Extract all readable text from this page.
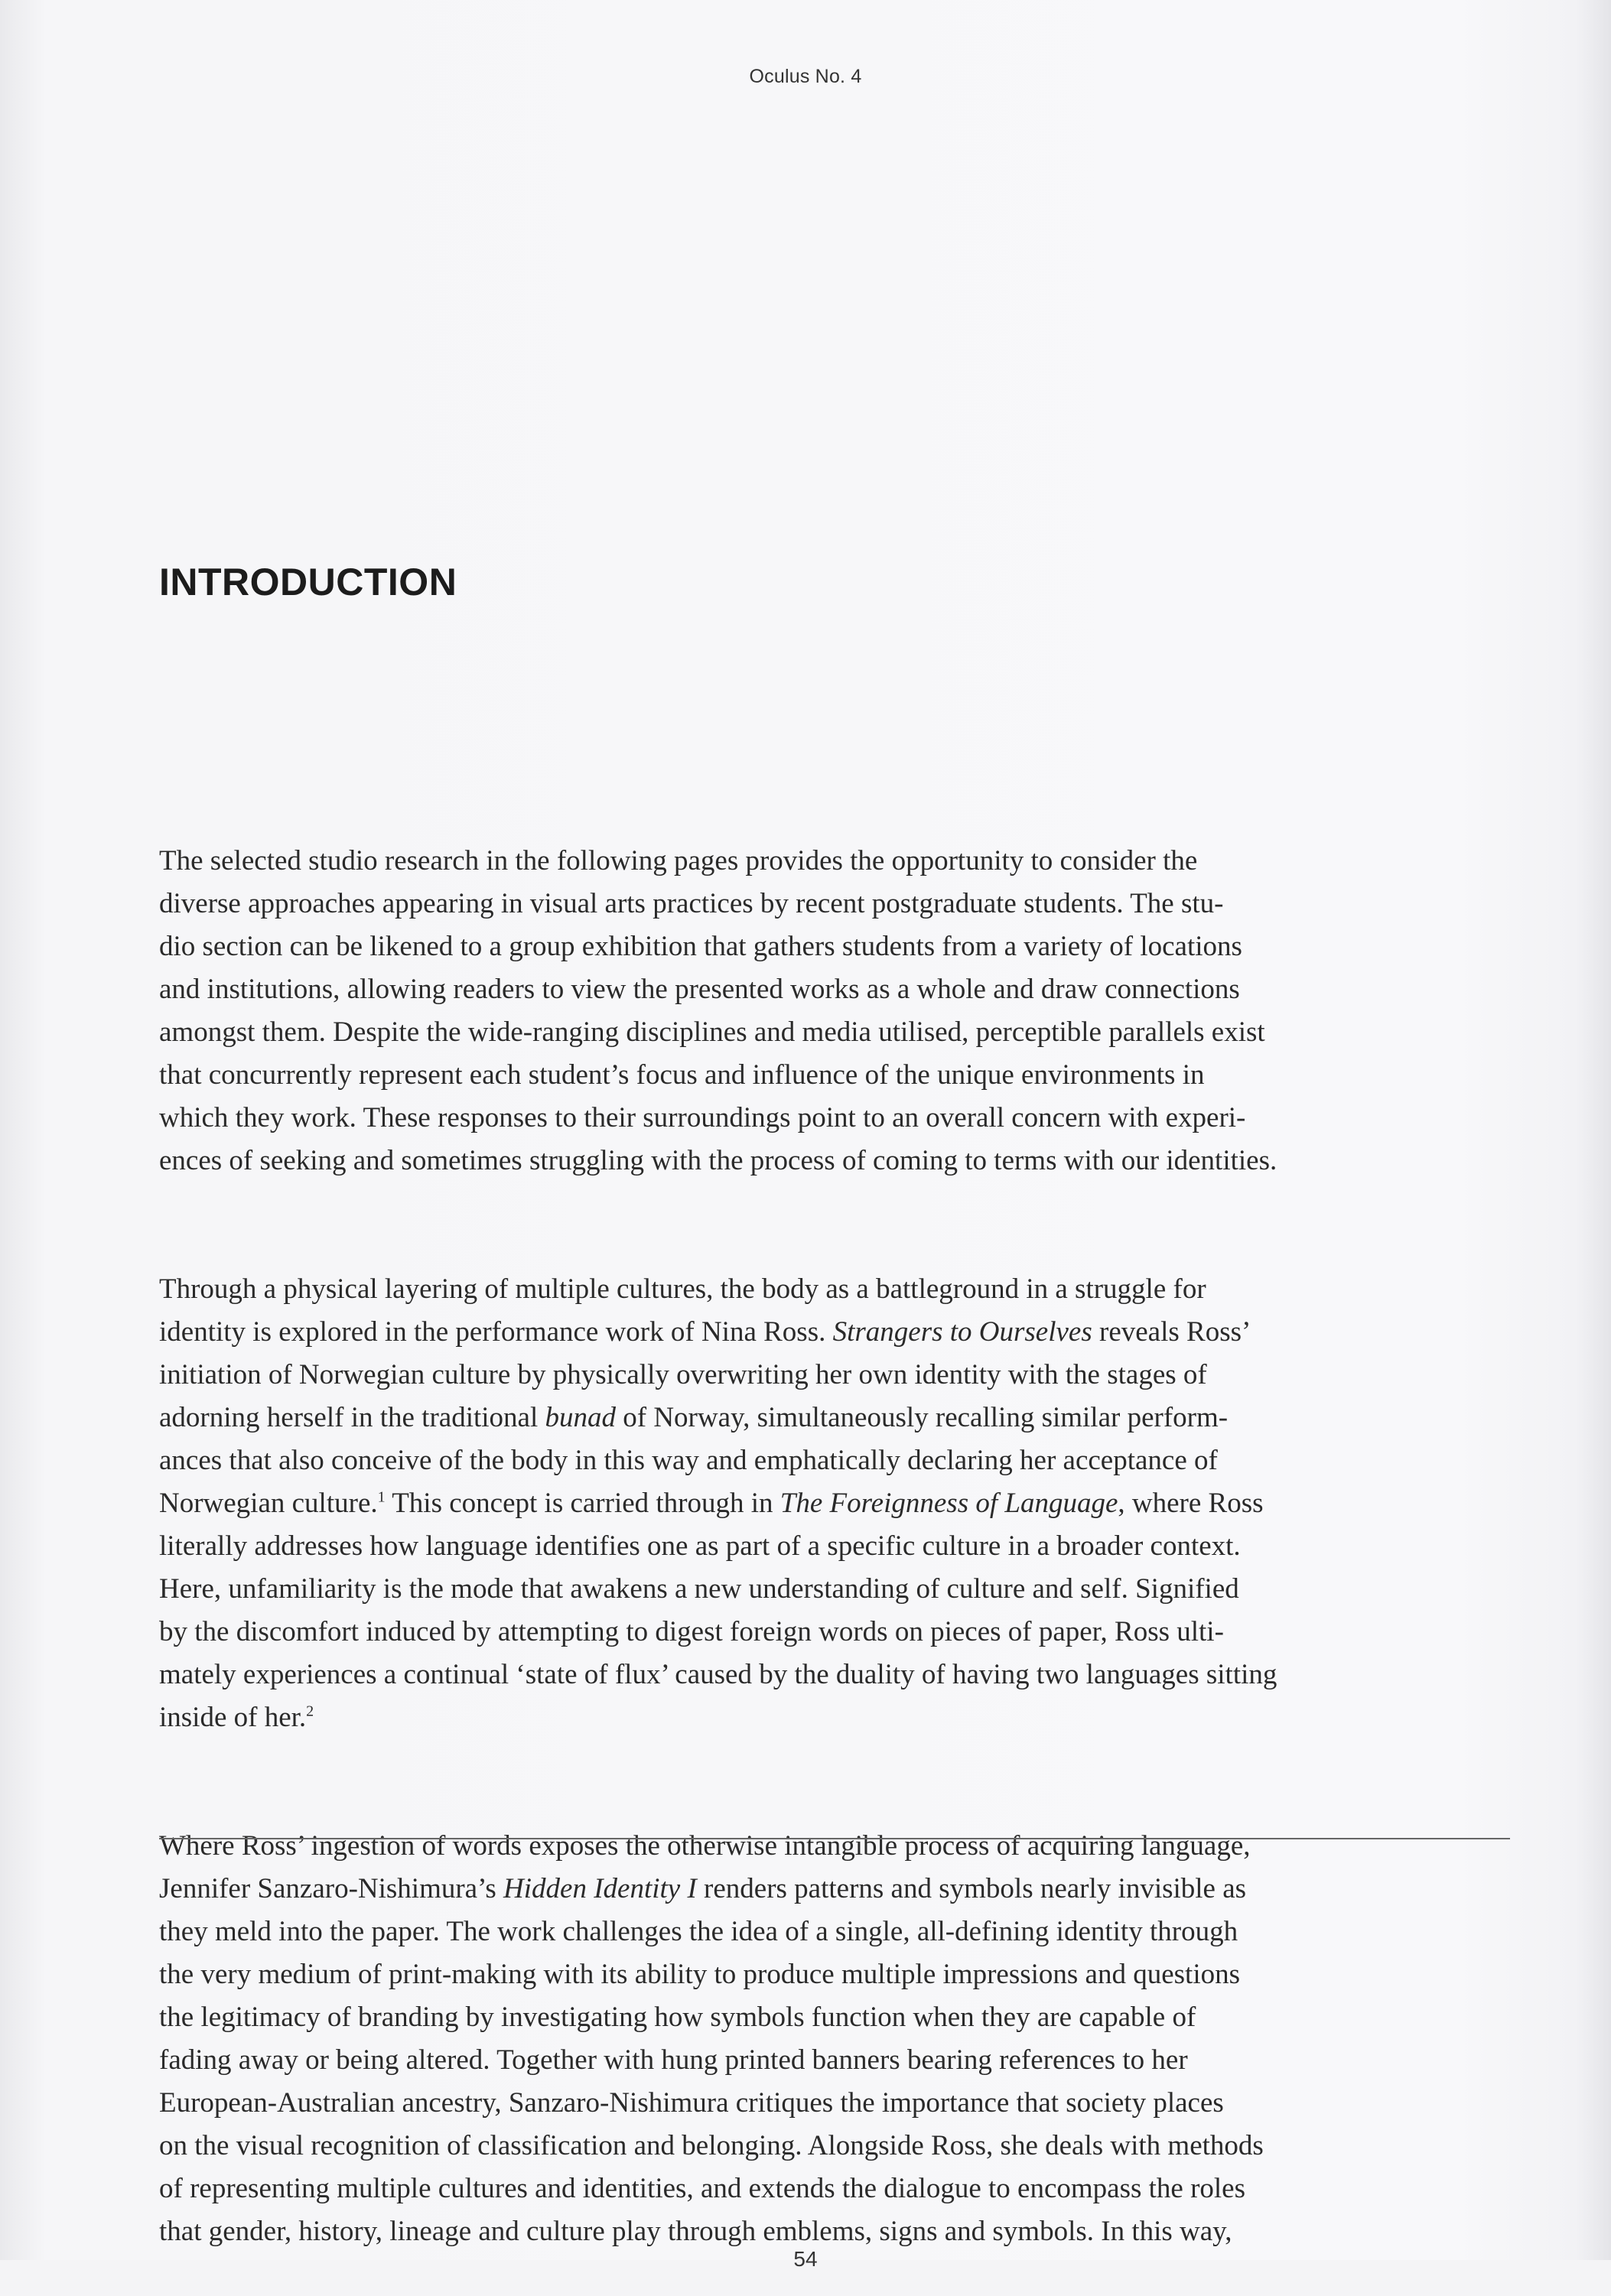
Oculus No. 4
INTRODUCTION

The selected studio research in the following pages provides the opportunity to consider the
diverse approaches appearing in visual arts practices by recent postgraduate students. The stu-
dio section can be likened to a group exhibition that gathers students from a variety of locations
and institutions, allowing readers to view the presented works as a whole and draw connections
amongst them. Despite the wide-ranging disciplines and media utilised, perceptible parallels exist
that concurrently represent each student’s focus and influence of the unique environments in
which they work. These responses to their surroundings point to an overall concern with experi-
ences of seeking and sometimes struggling with the process of coming to terms with our identities.

Through a physical layering of multiple cultures, the body as a battleground in a struggle for
identity is explored in the performance work of Nina Ross. Strangers to Ourselves reveals Ross’
initiation of Norwegian culture by physically overwriting her own identity with the stages of
adorning herself in the traditional bunad of Norway, simultaneously recalling similar perform-
ances that also conceive of the body in this way and emphatically declaring her acceptance of
Norwegian culture.$^1$ This concept is carried through in The Foreignness of Language, where Ross
literally addresses how language identifies one as part of a specific culture in a broader context.
Here, unfamiliarity is the mode that awakens a new understanding of culture and self. Signified
by the discomfort induced by attempting to digest foreign words on pieces of paper, Ross ulti-
mately experiences a continual ‘state of flux’ caused by the duality of having two languages sitting
inside of her.$^2$

Where Ross’ ingestion of words exposes the otherwise intangible process of acquiring language,
Jennifer Sanzaro-Nishimura’s Hidden Identity I renders patterns and symbols nearly invisible as
they meld into the paper. The work challenges the idea of a single, all-defining identity through
the very medium of print-making with its ability to produce multiple impressions and questions
the legitimacy of branding by investigating how symbols function when they are capable of
fading away or being altered. Together with hung printed banners bearing references to her
European-Australian ancestry, Sanzaro-Nishimura critiques the importance that society places
on the visual recognition of classification and belonging. Alongside Ross, she deals with methods
of representing multiple cultures and identities, and extends the dialogue to encompass the roles
that gender, history, lineage and culture play through emblems, signs and symbols. In this way,

54
